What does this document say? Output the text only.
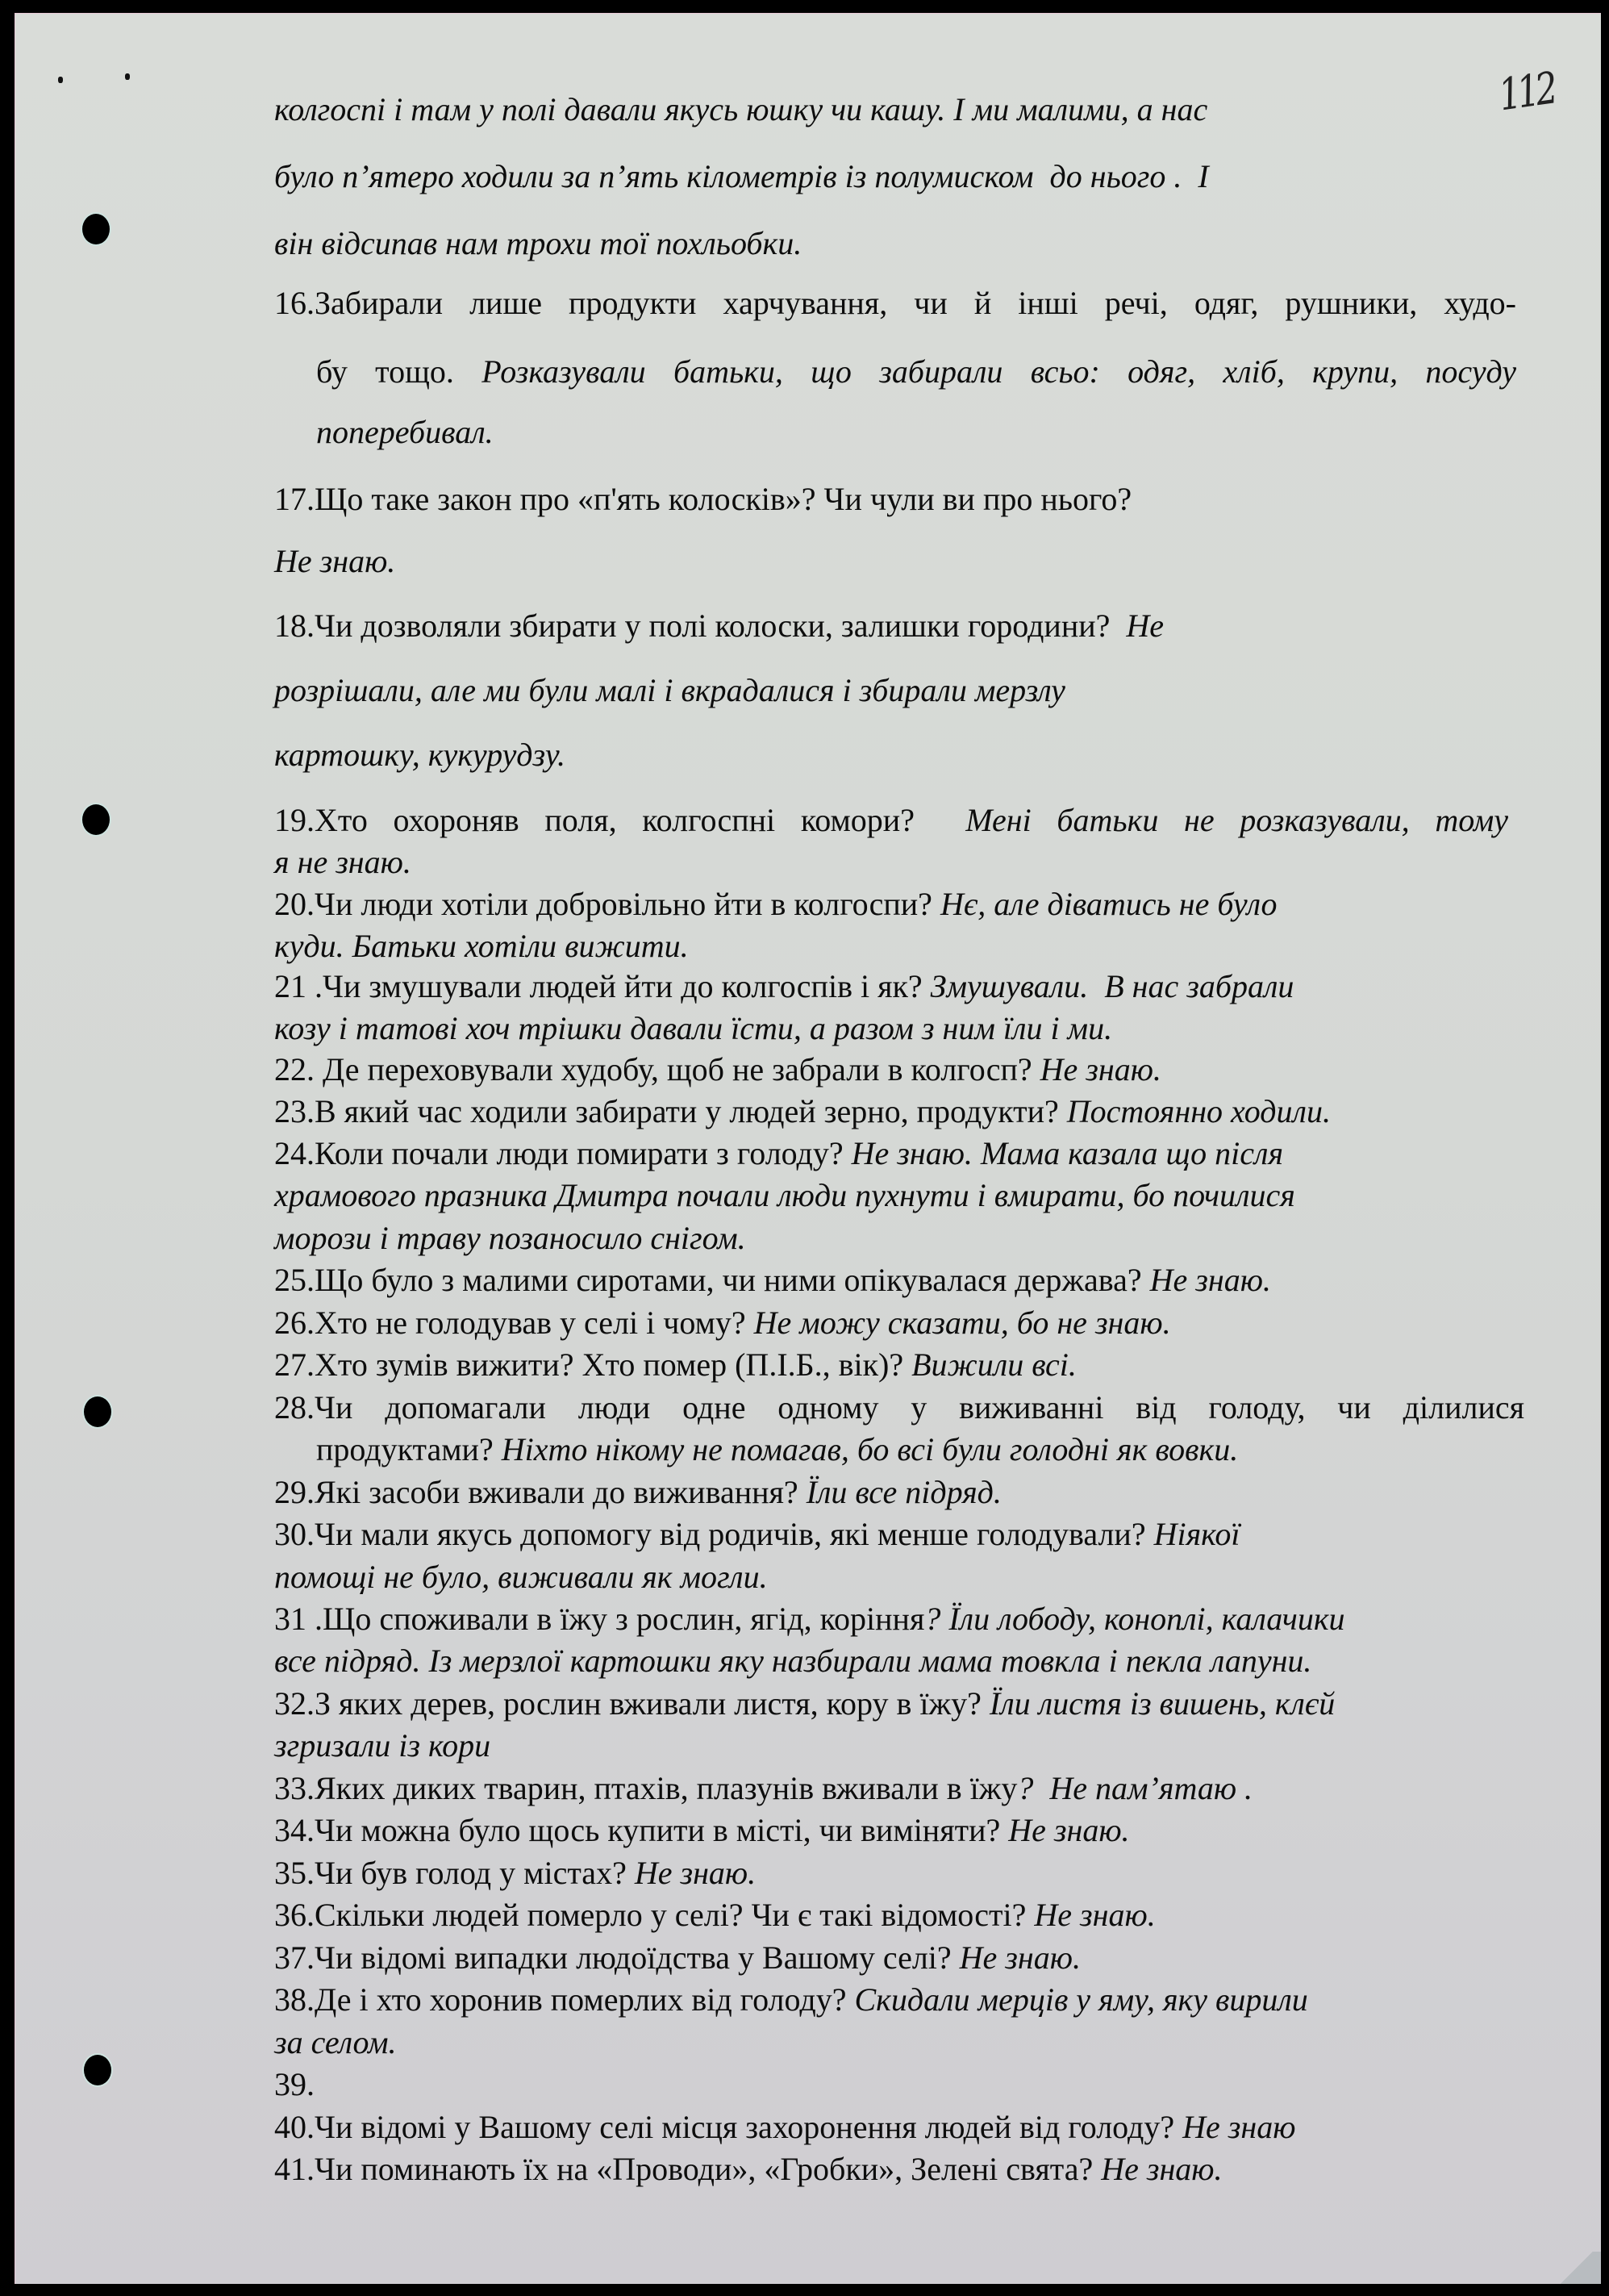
112
колгоспі і там у полі давали якусь юшку чи кашу. І ми малими, а нас
було п’ятеро ходили за п’ять кілометрів із полумиском  до нього .  І
він відсипав нам трохи тої похльобки.
16.Забирали лише продукти харчування, чи й інші речі, одяг, рушники, худо-
бу тощо. Розказували батьки, що забирали всьо: одяг, хліб, крупи, посуду
поперебивал.
17.Що таке закон про «п'ять колосків»? Чи чули ви про нього?
Не знаю.
18.Чи дозволяли збирати у полі колоски, залишки городини?  Не
розрішали, але ми були малі і вкрадалися і збирали мерзлу
картошку, кукурудзу.
19.Хто охороняв поля, колгоспні комори?  Мені батьки не розказували, тому
я не знаю.
20.Чи люди хотіли добровільно йти в колгоспи? Нє, але діватись не було
куди. Батьки хотіли вижити.
21 .Чи змушували людей йти до колгоспів і як? Змушували.  В нас забрали
козу і татові хоч трішки давали їсти, а разом з ним їли і ми.
22. Де переховували худобу, щоб не забрали в колгосп? Не знаю.
23.В який час ходили забирати у людей зерно, продукти? Постоянно ходили.
24.Коли почали люди помирати з голоду? Не знаю. Мама казала що після
храмового празника Дмитра почали люди пухнути і вмирати, бо почилися
морози і траву позаносило снігом.
25.Що було з малими сиротами, чи ними опікувалася держава? Не знаю.
26.Хто не голодував у селі і чому? Не можу сказати, бо не знаю.
27.Хто зумів вижити? Хто помер (П.І.Б., вік)? Вижили всі.
28.Чи допомагали люди одне одному у виживанні від голоду, чи ділилися
продуктами? Ніхто нікому не помагав, бо всі були голодні як вовки.
29.Які засоби вживали до виживання? Їли все підряд.
30.Чи мали якусь допомогу від родичів, які менше голодували? Ніякої
помощі не було, виживали як могли.
31 .Що споживали в їжу з рослин, ягід, коріння? Їли лободу, коноплі, калачики
все підряд. Із мерзлої картошки яку назбирали мама товкла і пекла лапуни.
32.З яких дерев, рослин вживали листя, кору в їжу? Їли листя із вишень, клєй
згризали із кори
33.Яких диких тварин, птахів, плазунів вживали в їжу?  Не пам’ятаю .
34.Чи можна було щось купити в місті, чи виміняти? Не знаю.
35.Чи був голод у містах? Не знаю.
36.Скільки людей померло у селі? Чи є такі відомості? Не знаю.
37.Чи відомі випадки людоїдства у Вашому селі? Не знаю.
38.Де і хто хоронив померлих від голоду? Скидали мерців у яму, яку вирили
за селом.
39.
40.Чи відомі у Вашому селі місця захоронення людей від голоду? Не знаю
41.Чи поминають їх на «Проводи», «Гробки», Зелені свята? Не знаю.
